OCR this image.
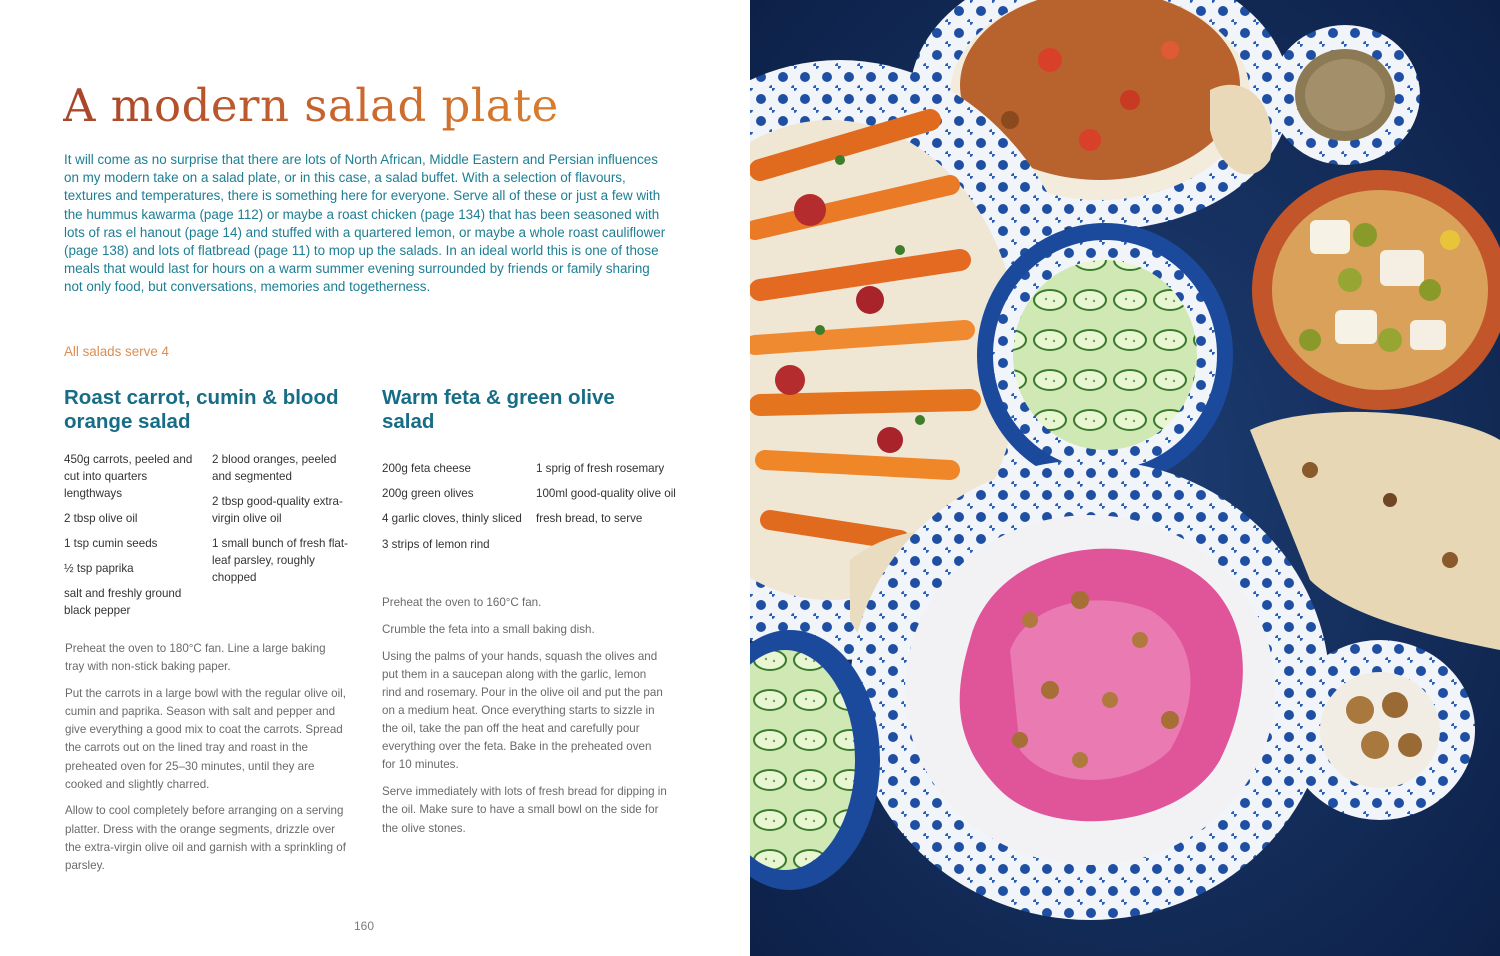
A modern salad plate

It will come as no surprise that there are lots of North African, Middle Eastern and Persian influences on my modern take on a salad plate, or in this case, a salad buffet. With a selection of flavours, textures and temperatures, there is something here for everyone. Serve all of these or just a few with the hummus kawarma (page 112) or maybe a roast chicken (page 134) that has been seasoned with lots of ras el hanout (page 14) and stuffed with a quartered lemon, or maybe a whole roast cauliflower (page 138) and lots of flatbread (page 11) to mop up the salads. In an ideal world this is one of those meals that would last for hours on a warm summer evening surrounded by friends or family sharing not only food, but conversations, memories and togetherness.

All salads serve 4
Roast carrot, cumin & blood orange salad
450g carrots, peeled and cut into quarters lengthways
2 tbsp olive oil
1 tsp cumin seeds
½ tsp paprika
salt and freshly ground black pepper
2 blood oranges, peeled and segmented
2 tbsp good-quality extra-virgin olive oil
1 small bunch of fresh flat-leaf parsley, roughly chopped

Preheat the oven to 180°C fan. Line a large baking tray with non-stick baking paper.

Put the carrots in a large bowl with the regular olive oil, cumin and paprika. Season with salt and pepper and give everything a good mix to coat the carrots. Spread the carrots out on the lined tray and roast in the preheated oven for 25–30 minutes, until they are cooked and slightly charred.

Allow to cool completely before arranging on a serving platter. Dress with the orange segments, drizzle over the extra-virgin olive oil and garnish with a sprinkling of parsley.

Warm feta & green olive salad
200g feta cheese
200g green olives
4 garlic cloves, thinly sliced
3 strips of lemon rind
1 sprig of fresh rosemary
100ml good-quality olive oil
fresh bread, to serve

Preheat the oven to 160°C fan.

Crumble the feta into a small baking dish.

Using the palms of your hands, squash the olives and put them in a saucepan along with the garlic, lemon rind and rosemary. Pour in the olive oil and put the pan on a medium heat. Once everything starts to sizzle in the oil, take the pan off the heat and carefully pour everything over the feta. Bake in the preheated oven for 10 minutes.

Serve immediately with lots of fresh bread for dipping in the oil. Make sure to have a small bowl on the side for the olive stones.

160
